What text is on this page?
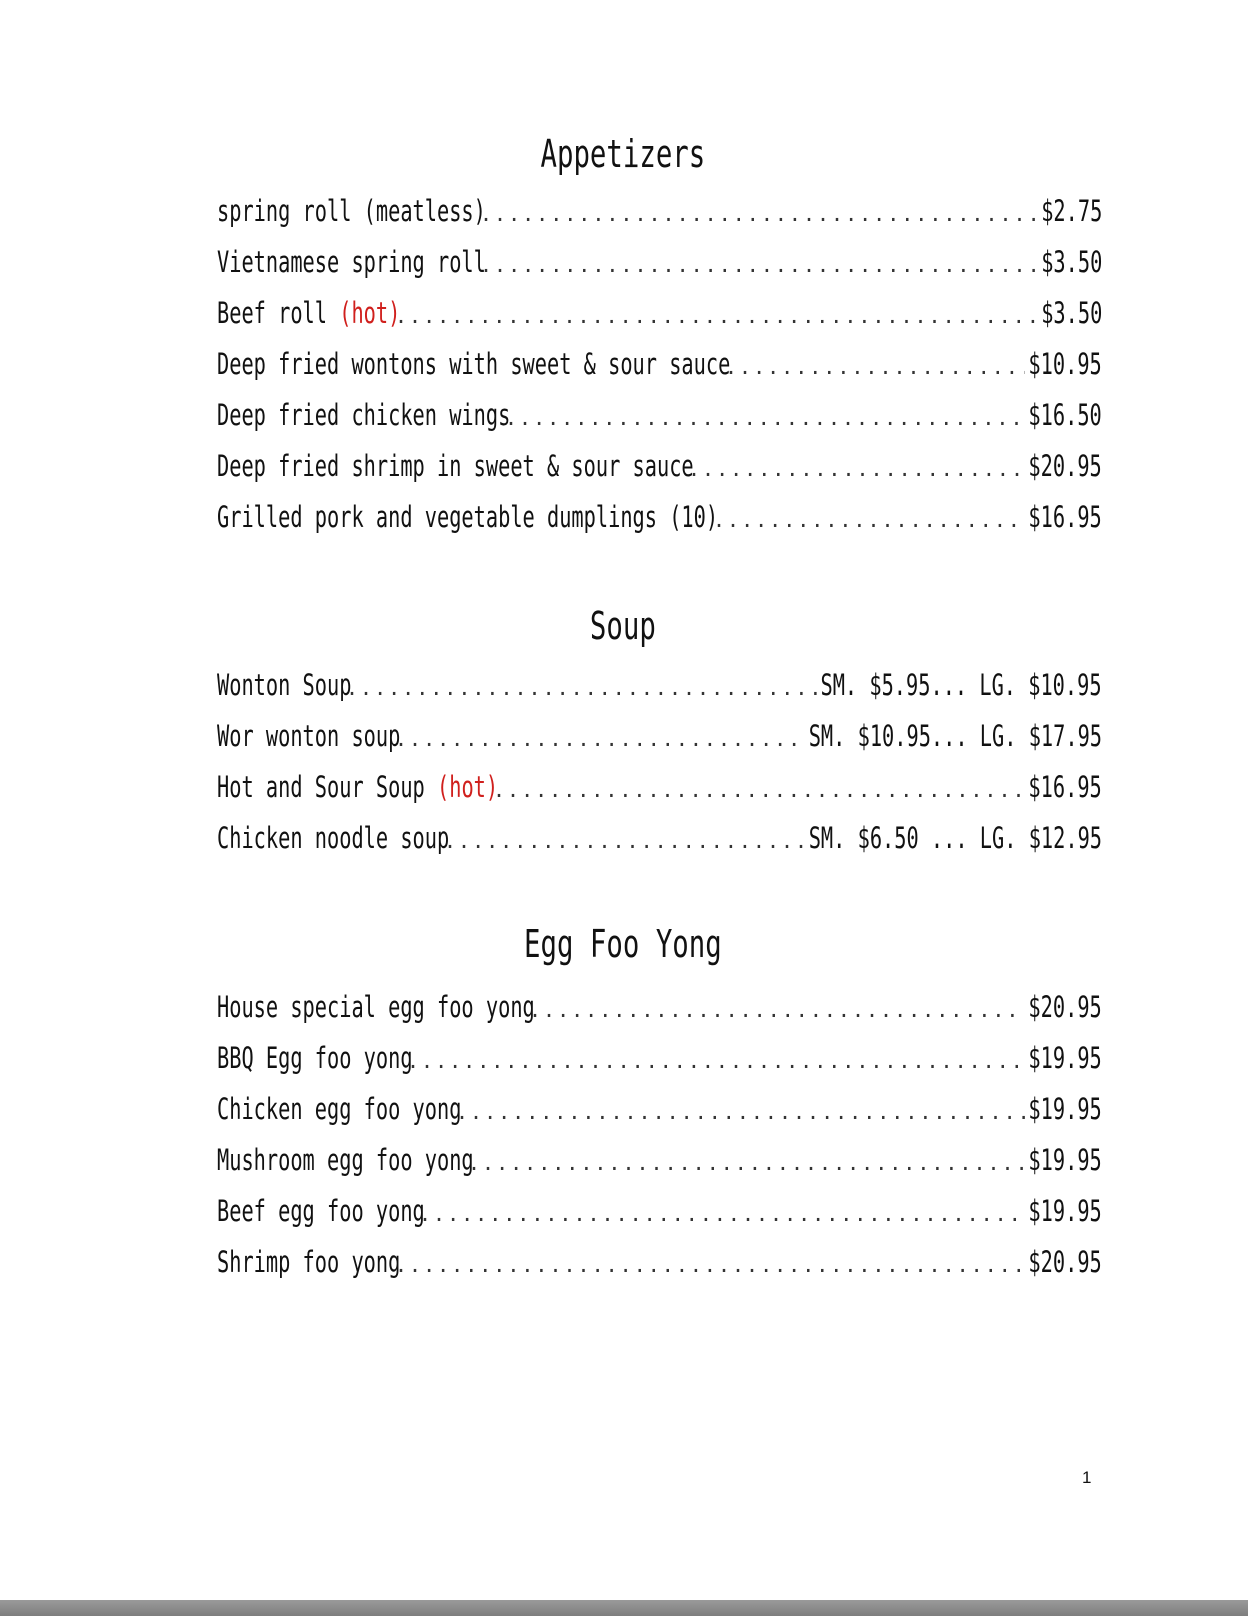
Appetizers
spring roll (meatless) .....	$2.75
Vietnamese spring roll .....	$3.50
Beef roll (hot) .....	$3.50
Deep fried wontons with sweet & sour sauce .....	$10.95
Deep fried chicken wings .....	$16.50
Deep fried shrimp in sweet & sour sauce .....	$20.95
Grilled pork and vegetable dumplings (10) .....	$16.95
Soup
Wonton Soup .....	SM. $5.95... LG. $10.95
Wor wonton soup .....	SM. $10.95... LG. $17.95
Hot and Sour Soup (hot) .....	$16.95
Chicken noodle soup .....	SM. $6.50 ... LG. $12.95
Egg Foo Yong
House special egg foo yong .....	$20.95
BBQ Egg foo yong .....	$19.95
Chicken egg foo yong .....	$19.95
Mushroom egg foo yong .....	$19.95
Beef egg foo yong .....	$19.95
Shrimp foo yong .....	$20.95
1
